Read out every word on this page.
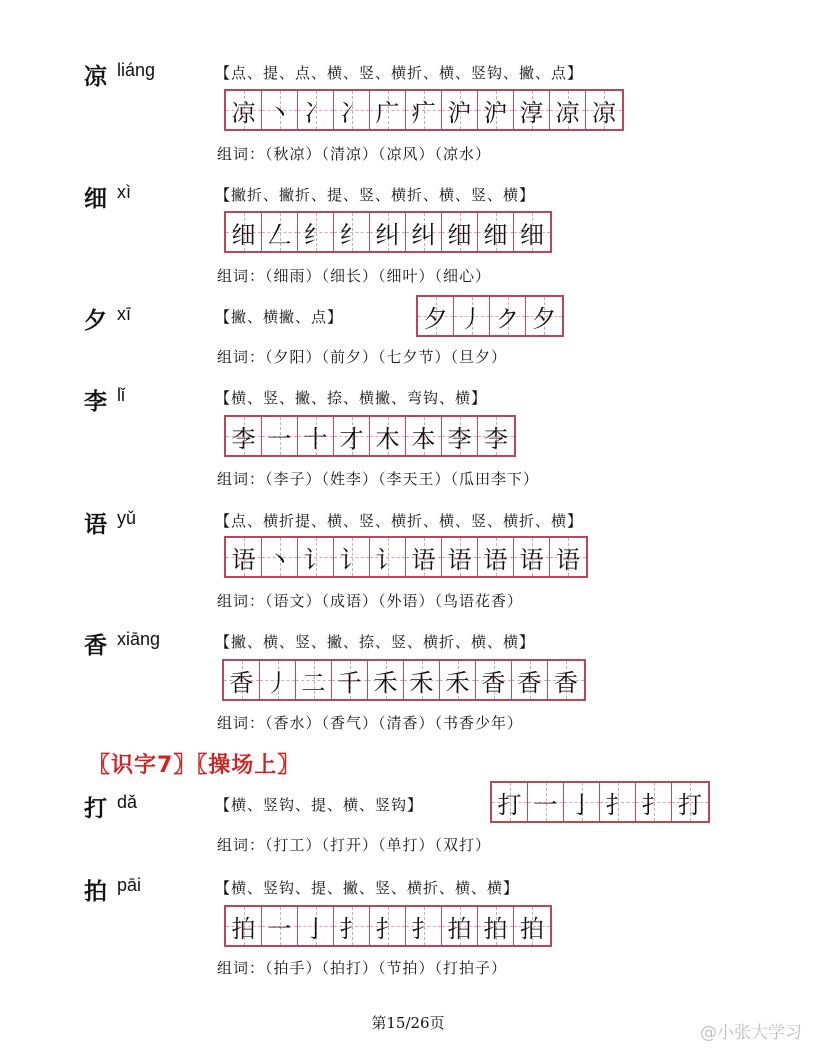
凉 liáng	【点、提、点、横、竖、横折、横、竖钩、撇、点】
凉 丶 冫 冫 广 疒 沪 沪 淳 凉 凉
组词：（秋凉）（清凉）（凉风）（凉水）
细 xì	【撇折、撇折、提、竖、横折、横、竖、横】
细 𠃋 纟 纟 纠 纠 细 细 细
组词：（细雨）（细长）（细叶）（细心）
夕 xī	【撇、横撇、点】	夕 丿 ク 夕
组词：（夕阳）（前夕）（七夕节）（旦夕）
李 lǐ	【横、竖、撇、捺、横撇、弯钩、横】
李 一 十 才 木 本 李 李
组词：（李子）（姓李）（李天王）（瓜田李下）
语 yǔ	【点、横折提、横、竖、横折、横、竖、横折、横】
语 丶 讠 讠 讠 语 语 语 语 语
组词：（语文）（成语）（外语）（鸟语花香）
香 xiāng	【撇、横、竖、撇、捺、竖、横折、横、横】
香 丿 二 千 禾 禾 禾 香 香 香
组词：（香水）（香气）（清香）（书香少年）
〖识字7〗〖操场上〗
打 dǎ	【横、竖钩、提、横、竖钩】	打 一 亅 扌 扌 打
组词：（打工）（打开）（单打）（双打）
拍 pāi	【横、竖钩、提、撇、竖、横折、横、横】
拍 一 亅 扌 扌 扌 拍 拍 拍
组词：（拍手）（拍打）（节拍）（打拍子）
第15/26页	@小张大学习
